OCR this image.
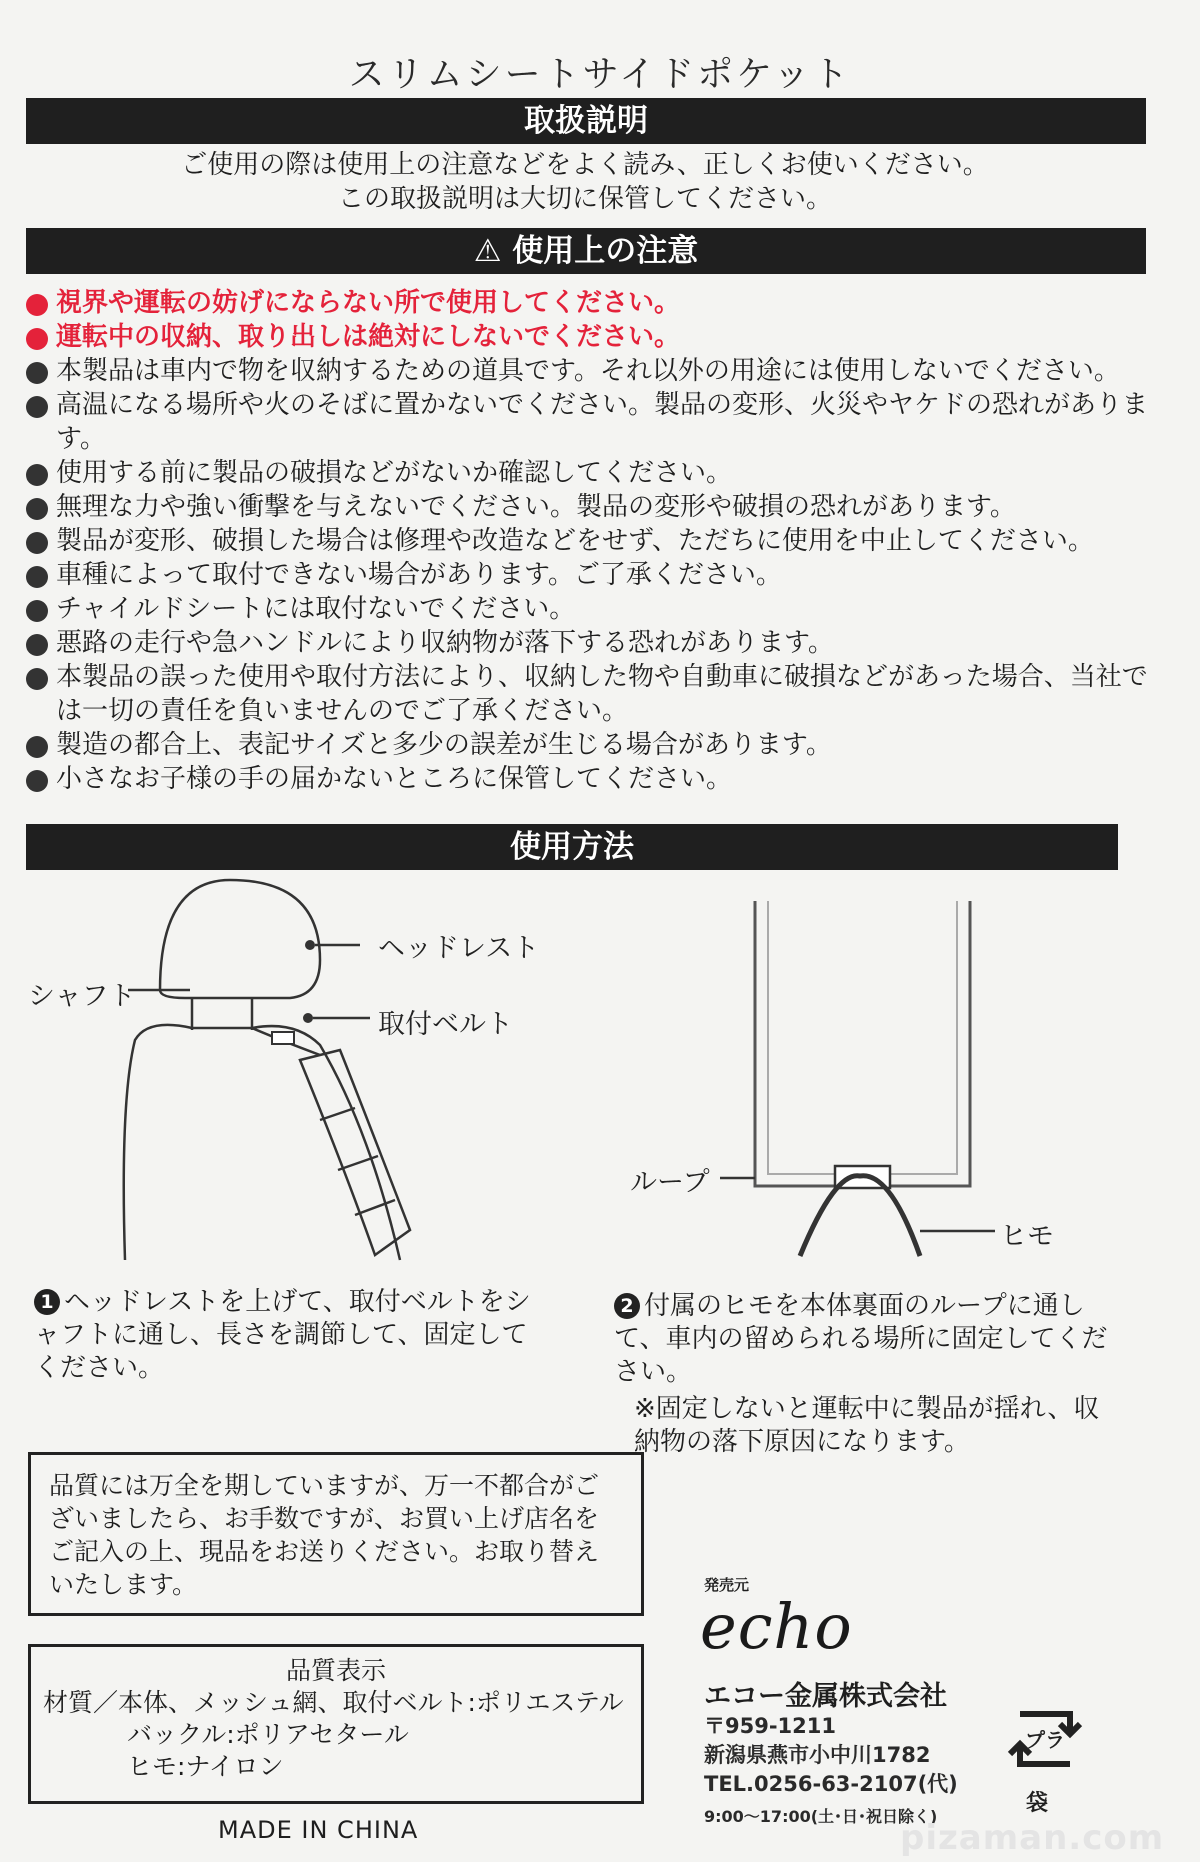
スリムシートサイドポケット
取扱説明
ご使用の際は使用上の注意などをよく読み、正しくお使いください。
この取扱説明は大切に保管してください。
⚠ 使用上の注意
視界や運転の妨げにならない所で使用してください。
運転中の収納、取り出しは絶対にしないでください。
本製品は車内で物を収納するための道具です。それ以外の用途には使用しないでください。
高温になる場所や火のそばに置かないでください。製品の変形、火災やヤケドの恐れがあります。
使用する前に製品の破損などがないか確認してください。
無理な力や強い衝撃を与えないでください。製品の変形や破損の恐れがあります。
製品が変形、破損した場合は修理や改造などをせず、ただちに使用を中止してください。
車種によって取付できない場合があります。ご了承ください。
チャイルドシートには取付ないでください。
悪路の走行や急ハンドルにより収納物が落下する恐れがあります。
本製品の誤った使用や取付方法により、収納した物や自動車に破損などがあった場合、当社では一切の責任を負いませんのでご了承ください。
製造の都合上、表記サイズと多少の誤差が生じる場合があります。
小さなお子様の手の届かないところに保管してください。
使用方法
ヘッドレスト
シャフト
取付ベルト
ループ
ヒモ
1 ヘッドレストを上げて、取付ベルトをシャフトに通し、長さを調節して、固定してください。
2 付属のヒモを本体裏面のループに通して、車内の留められる場所に固定してください。
※固定しないと運転中に製品が揺れ、収納物の落下原因になります。
品質には万全を期していますが、万一不都合がございましたら、お手数ですが、お買い上げ店名をご記入の上、現品をお送りください。お取り替えいたします。
品質表示
材質／本体、メッシュ網、取付ベルト:ポリエステル
バックル:ポリアセタール
ヒモ:ナイロン
MADE IN CHINA
発売元
echo
エコー金属株式会社
〒959-1211
新潟県燕市小中川1782
TEL.0256-63-2107(代)
9:00〜17:00(土･日･祝日除く)
プラ
袋
pizaman.com
